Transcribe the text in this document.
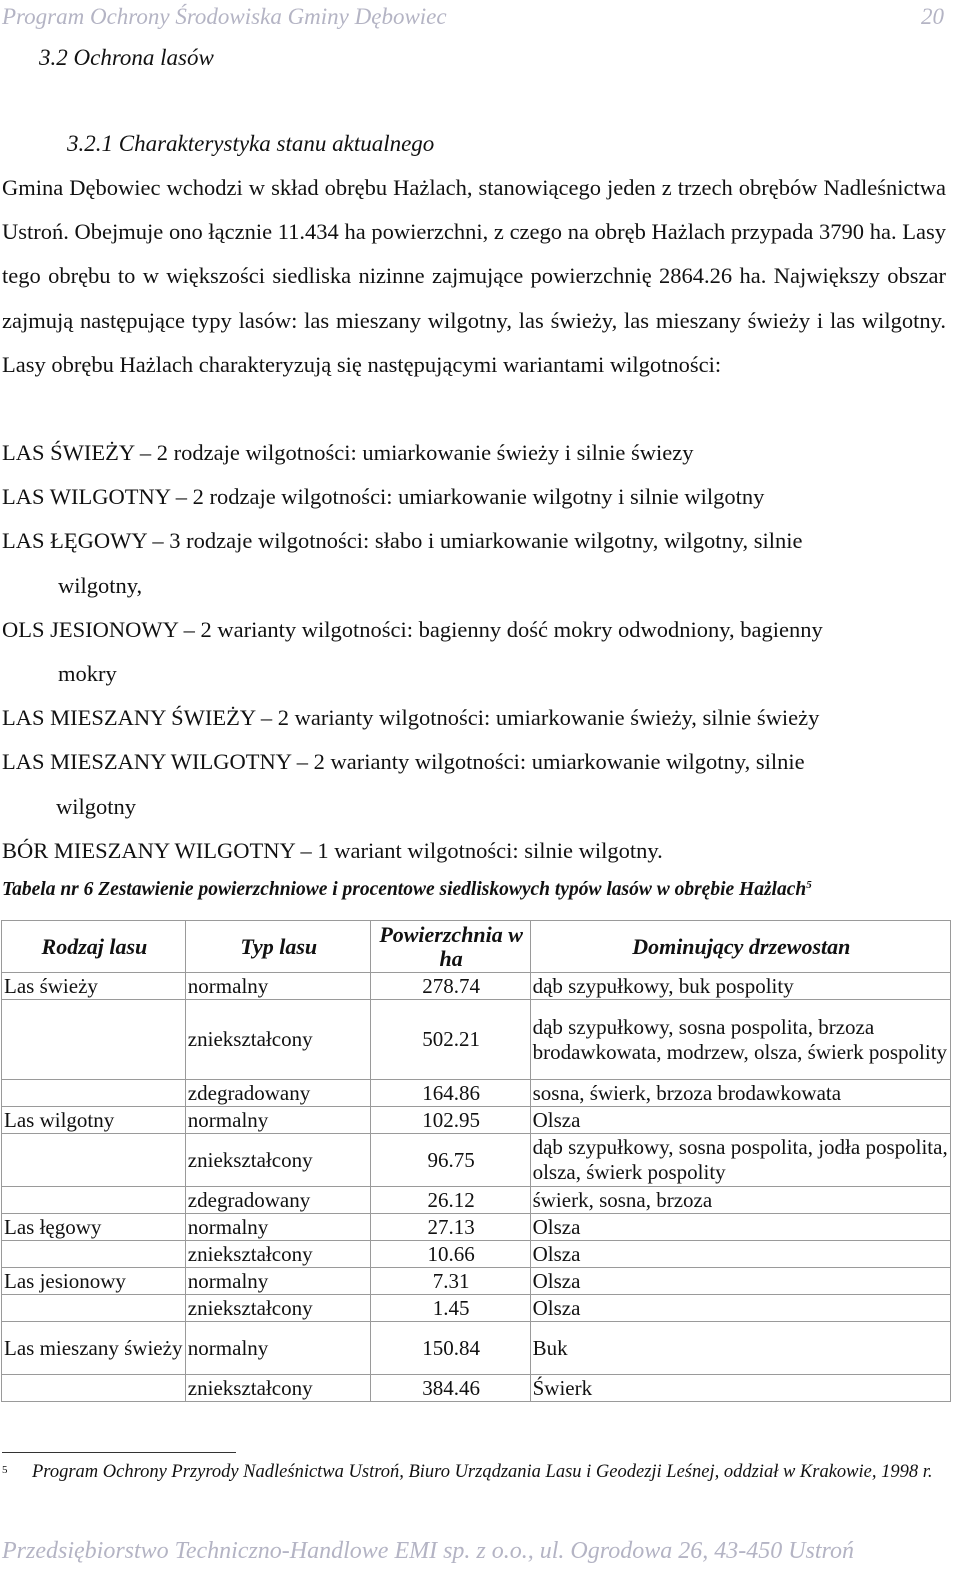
Program Ochrony Środowiska Gminy Dębowiec	20
3.2 Ochrona lasów
3.2.1 Charakterystyka stanu aktualnego

Gmina Dębowiec wchodzi w skład obrębu Hażlach, stanowiącego jeden z trzech obrębów Nadleśnictwa Ustroń. Obejmuje ono łącznie 11.434 ha powierzchni, z czego na obręb Hażlach przypada 3790 ha. Lasy tego obrębu to w większości siedliska nizinne zajmujące powierzchnię 2864.26 ha. Największy obszar zajmują następujące typy lasów: las mieszany wilgotny, las świeży, las mieszany świeży i las wilgotny. Lasy obrębu Hażlach charakteryzują się następującymi wariantami wilgotności:

LAS ŚWIEŻY – 2 rodzaje wilgotności: umiarkowanie świeży i silnie świezy
LAS WILGOTNY – 2 rodzaje wilgotności: umiarkowanie wilgotny i silnie wilgotny
LAS ŁĘGOWY – 3 rodzaje wilgotności: słabo i umiarkowanie wilgotny, wilgotny, silnie
wilgotny,
OLS JESIONOWY – 2 warianty wilgotności: bagienny dość mokry odwodniony, bagienny
mokry
LAS MIESZANY ŚWIEŻY – 2 warianty wilgotności: umiarkowanie świeży, silnie świeży
LAS MIESZANY WILGOTNY – 2 warianty wilgotności: umiarkowanie wilgotny, silnie
wilgotny
BÓR MIESZANY WILGOTNY – 1 wariant wilgotności: silnie wilgotny.
Tabela nr 6 Zestawienie powierzchniowe i procentowe siedliskowych typów lasów w obrębie Hażlach$^5$
Rodzaj lasu	Typ lasu	Powierzchnia w ha	Dominujący drzewostan
Las świeży	normalny	278.74	dąb szypułkowy, buk pospolity
	zniekształcony	502.21	dąb szypułkowy, sosna pospolita, brzoza brodawkowata, modrzew, olsza, świerk pospolity
	zdegradowany	164.86	sosna, świerk, brzoza brodawkowata
Las wilgotny	normalny	102.95	Olsza
	zniekształcony	96.75	dąb szypułkowy, sosna pospolita, jodła pospolita, olsza, świerk pospolity
	zdegradowany	26.12	świerk, sosna, brzoza
Las łęgowy	normalny	27.13	Olsza
	zniekształcony	10.66	Olsza
Las jesionowy	normalny	7.31	Olsza
	zniekształcony	1.45	Olsza
Las mieszany świeży	normalny	150.84	Buk
	zniekształcony	384.46	Świerk
5 Program Ochrony Przyrody Nadleśnictwa Ustroń, Biuro Urządzania Lasu i Geodezji Leśnej, oddział w Krakowie, 1998 r.
Przedsiębiorstwo Techniczno-Handlowe EMI sp. z o.o., ul. Ogrodowa 26, 43-450 Ustroń
